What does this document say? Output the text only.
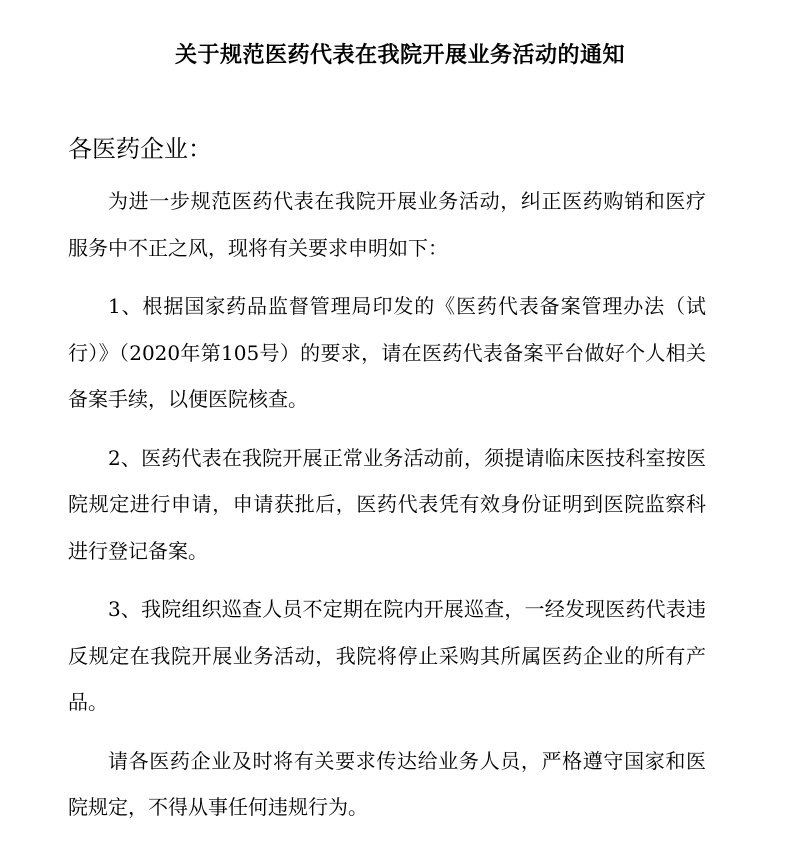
关于规范医药代表在我院开展业务活动的通知

各医药企业：

为进一步规范医药代表在我院开展业务活动，纠正医药购销和医疗服务中不正之风，现将有关要求申明如下：

1、根据国家药品监督管理局印发的《医药代表备案管理办法（试行）》（2020年第105号）的要求，请在医药代表备案平台做好个人相关备案手续，以便医院核查。

2、医药代表在我院开展正常业务活动前，须提请临床医技科室按医院规定进行申请，申请获批后，医药代表凭有效身份证明到医院监察科进行登记备案。

3、我院组织巡查人员不定期在院内开展巡查，一经发现医药代表违反规定在我院开展业务活动，我院将停止采购其所属医药企业的所有产品。

请各医药企业及时将有关要求传达给业务人员，严格遵守国家和医院规定，不得从事任何违规行为。
